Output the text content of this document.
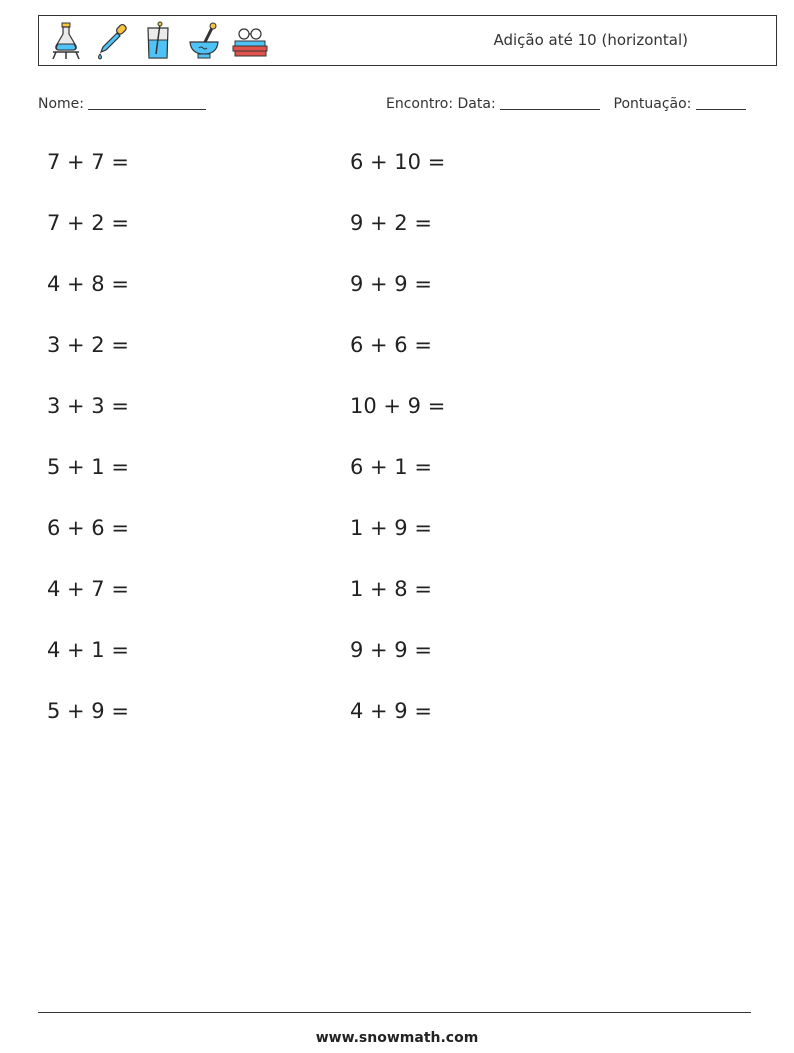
Adição até 10 (horizontal)
Nome:	Encontro: Data:	Pontuação:
7 + 7 =
7 + 2 =
4 + 8 =
3 + 2 =
3 + 3 =
5 + 1 =
6 + 6 =
4 + 7 =
4 + 1 =
5 + 9 =
6 + 10 =
9 + 2 =
9 + 9 =
6 + 6 =
10 + 9 =
6 + 1 =
1 + 9 =
1 + 8 =
9 + 9 =
4 + 9 =
www.snowmath.com
